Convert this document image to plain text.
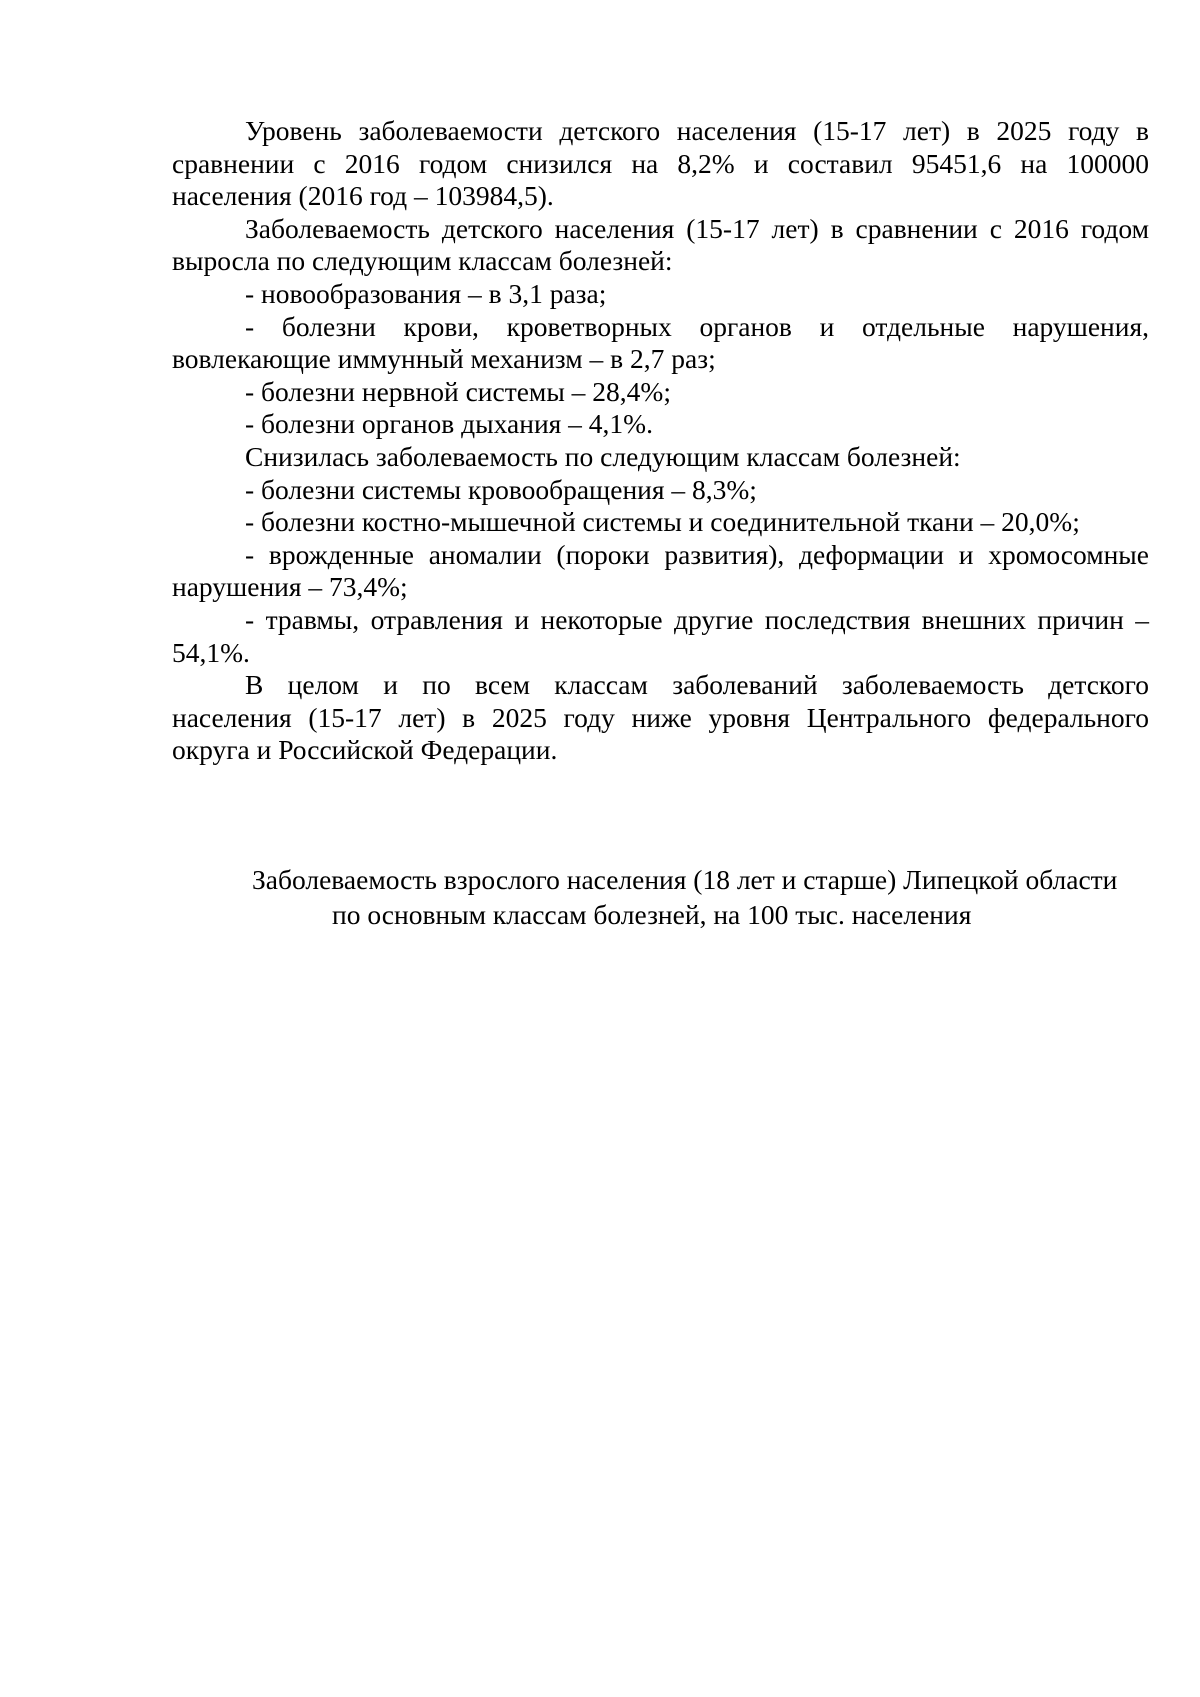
Уровень заболеваемости детского населения (15-17 лет) в 2025 году в
сравнении с 2016 годом снизился на 8,2% и составил 95451,6 на 100000
населения (2016 год – 103984,5).
Заболеваемость детского населения (15-17 лет) в сравнении с 2016 годом
выросла по следующим классам болезней:
- новообразования – в 3,1 раза;
- болезни крови, кроветворных органов и отдельные нарушения,
вовлекающие иммунный механизм – в 2,7 раз;
- болезни нервной системы – 28,4%;
- болезни органов дыхания – 4,1%.
Снизилась заболеваемость по следующим классам болезней:
- болезни системы кровообращения – 8,3%;
- болезни костно-мышечной системы и соединительной ткани – 20,0%;
- врожденные аномалии (пороки развития), деформации и хромосомные
нарушения – 73,4%;
- травмы, отравления и некоторые другие последствия внешних причин –
54,1%.
В целом и по всем классам заболеваний заболеваемость детского
населения (15-17 лет) в 2025 году ниже уровня Центрального федерального
округа и Российской Федерации.
Заболеваемость взрослого населения (18 лет и старше) Липецкой области
по основным классам болезней, на 100 тыс. населения
